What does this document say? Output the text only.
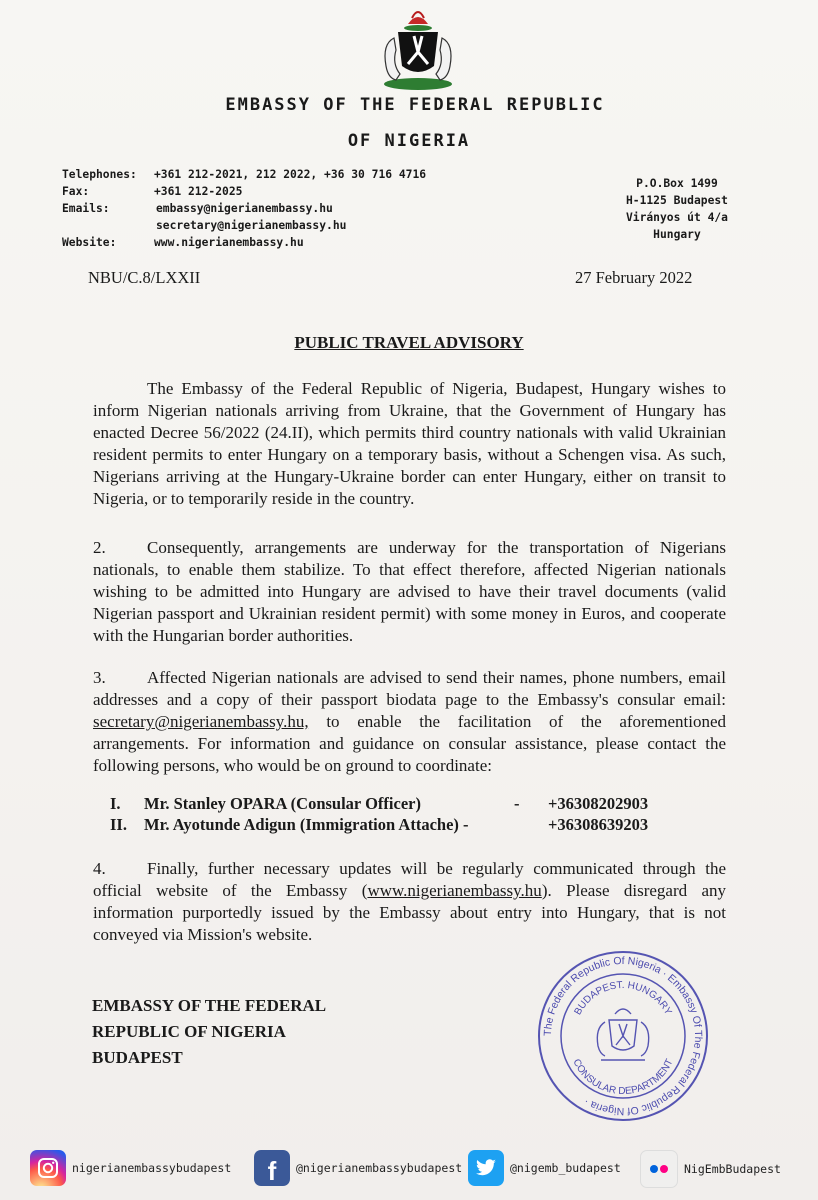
EMBASSY OF THE FEDERAL REPUBLIC
OF NIGERIA
Telephones:	+361 212-2021, 212 2022, +36 30 716 4716
Fax:	+361 212-2025
Emails:	embassy@nigerianembassy.hu
secretary@nigerianembassy.hu
Website:	www.nigerianembassy.hu
P.O.Box 1499
H-1125 Budapest
Virányos út 4/a
Hungary
NBU/C.8/LXXII	27 February 2022
PUBLIC TRAVEL ADVISORY
The Embassy of the Federal Republic of Nigeria, Budapest, Hungary wishes to inform Nigerian nationals arriving from Ukraine, that the Government of Hungary has enacted Decree 56/2022 (24.II), which permits third country nationals with valid Ukrainian resident permits to enter Hungary on a temporary basis, without a Schengen visa. As such, Nigerians arriving at the Hungary-Ukraine border can enter Hungary, either on transit to Nigeria, or to temporarily reside in the country.
2. Consequently, arrangements are underway for the transportation of Nigerians nationals, to enable them stabilize. To that effect therefore, affected Nigerian nationals wishing to be admitted into Hungary are advised to have their travel documents (valid Nigerian passport and Ukrainian resident permit) with some money in Euros, and cooperate with the Hungarian border authorities.
3. Affected Nigerian nationals are advised to send their names, phone numbers, email addresses and a copy of their passport biodata page to the Embassy's consular email: secretary@nigerianembassy.hu, to enable the facilitation of the aforementioned arrangements. For information and guidance on consular assistance, please contact the following persons, who would be on ground to coordinate:
I.	Mr. Stanley OPARA (Consular Officer)	-	+36308202903
II.	Mr. Ayotunde Adigun (Immigration Attache) -	+36308639203
4. Finally, further necessary updates will be regularly communicated through the official website of the Embassy (www.nigerianembassy.hu). Please disregard any information purportedly issued by the Embassy about entry into Hungary, that is not conveyed via Mission's website.
EMBASSY OF THE FEDERAL
REPUBLIC OF NIGERIA
BUDAPEST
The Federal Republic Of Nigeria · Embassy Of The Federal Republic Of Nigeria ·
BUDAPEST. HUNGARY
CONSULAR DEPARTMENT
nigerianembassybudapest f @nigerianembassybudapest	@nigemb_budapest	NigEmbBudapest
